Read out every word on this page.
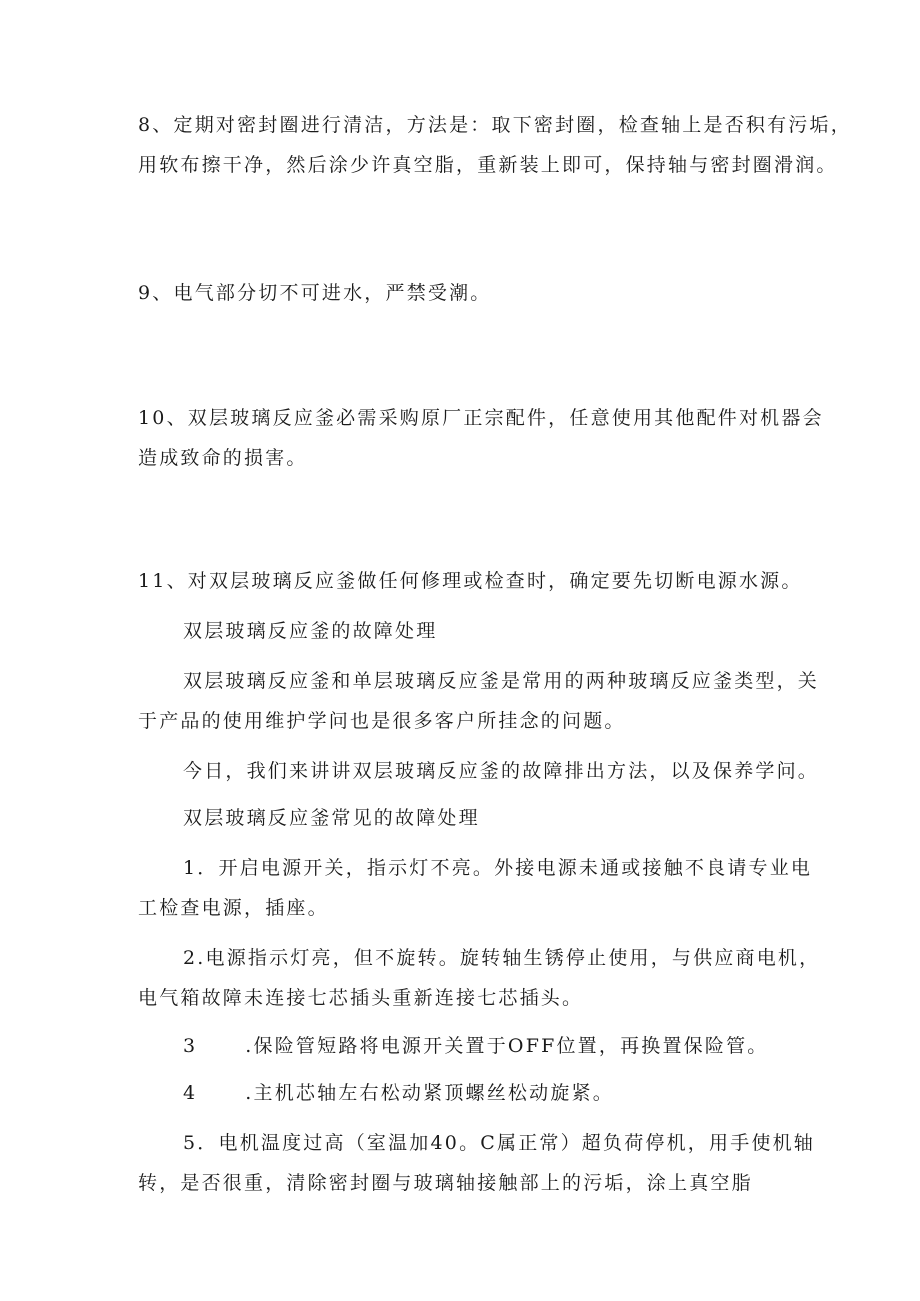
8、定期对密封圈进行清洁，方法是：取下密封圈，检查轴上是否积有污垢，
用软布擦干净，然后涂少许真空脂，重新装上即可，保持轴与密封圈滑润。
9、电气部分切不可进水，严禁受潮。
10、双层玻璃反应釜必需采购原厂正宗配件，任意使用其他配件对机器会
造成致命的损害。
11、对双层玻璃反应釜做任何修理或检查时，确定要先切断电源水源。
双层玻璃反应釜的故障处理
双层玻璃反应釜和单层玻璃反应釜是常用的两种玻璃反应釜类型，关
于产品的使用维护学问也是很多客户所挂念的问题。
今日，我们来讲讲双层玻璃反应釜的故障排出方法，以及保养学问。
双层玻璃反应釜常见的故障处理
1．开启电源开关，指示灯不亮。外接电源未通或接触不良请专业电
工检查电源，插座。
2.电源指示灯亮，但不旋转。旋转轴生锈停止使用，与供应商电机，
电气箱故障未连接七芯插头重新连接七芯插头。
3	.保险管短路将电源开关置于OFF位置，再换置保险管。
4	.主机芯轴左右松动紧顶螺丝松动旋紧。
5．电机温度过高（室温加40。C属正常）超负荷停机，用手使机轴
转，是否很重，清除密封圈与玻璃轴接触部上的污垢，涂上真空脂
